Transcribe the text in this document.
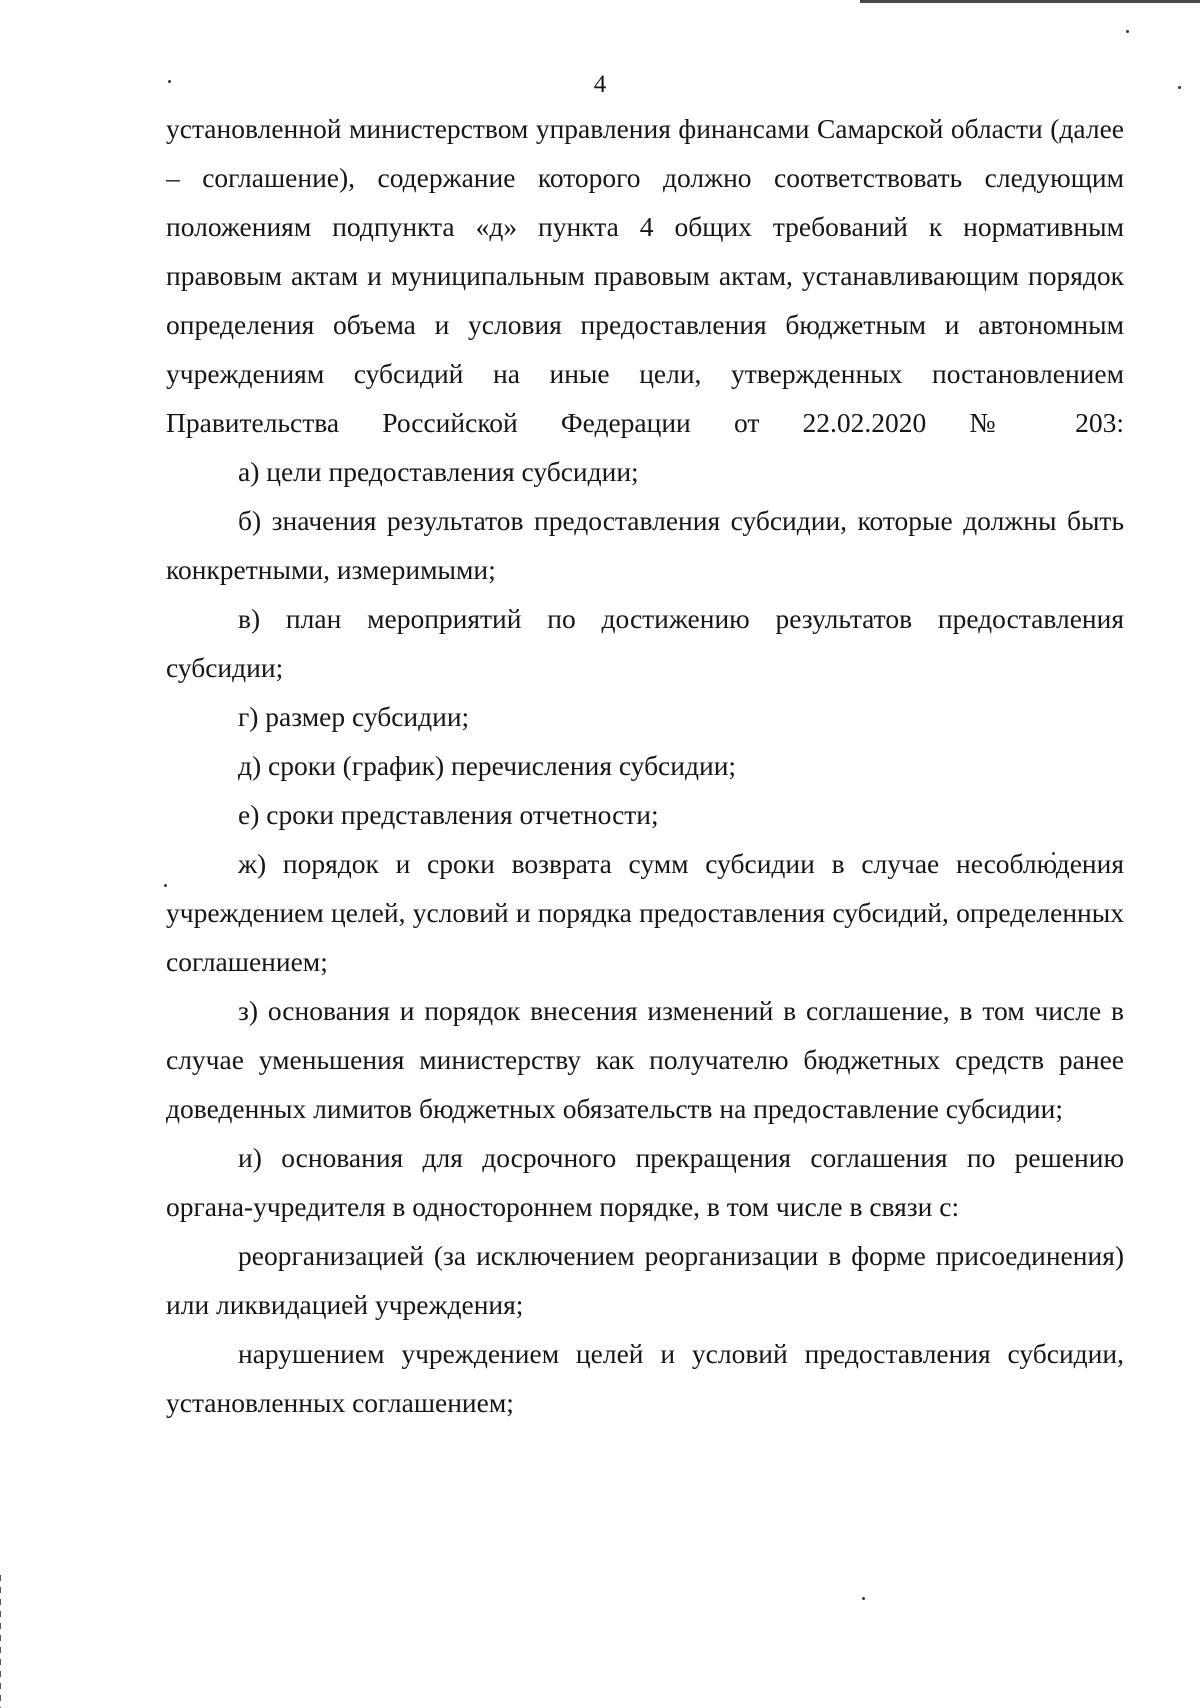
4

установленной министерством управления финансами Самарской области (далее – соглашение), содержание которого должно соответствовать следующим положениям подпункта «д» пункта 4 общих требований к нормативным правовым актам и муниципальным правовым актам, устанавливающим порядок определения объема и условия предоставления бюджетным и автономным учреждениям субсидий на иные цели, утвержденных постановлением Правительства Российской Федерации от 22.02.2020 № 203:

а) цели предоставления субсидии;

б) значения результатов предоставления субсидии, которые должны быть конкретными, измеримыми;

в) план мероприятий по достижению результатов предоставления субсидии;

г) размер субсидии;

д) сроки (график) перечисления субсидии;

е) сроки представления отчетности;

ж) порядок и сроки возврата сумм субсидии в случае несоблюдения учреждением целей, условий и порядка предоставления субсидий, определенных соглашением;

з) основания и порядок внесения изменений в соглашение, в том числе в случае уменьшения министерству как получателю бюджетных средств ранее доведенных лимитов бюджетных обязательств на предоставление субсидии;

и) основания для досрочного прекращения соглашения по решению органа-учредителя в одностороннем порядке, в том числе в связи с:

реорганизацией (за исключением реорганизации в форме присоединения) или ликвидацией учреждения;

нарушением учреждением целей и условий предоставления субсидии, установленных соглашением;
